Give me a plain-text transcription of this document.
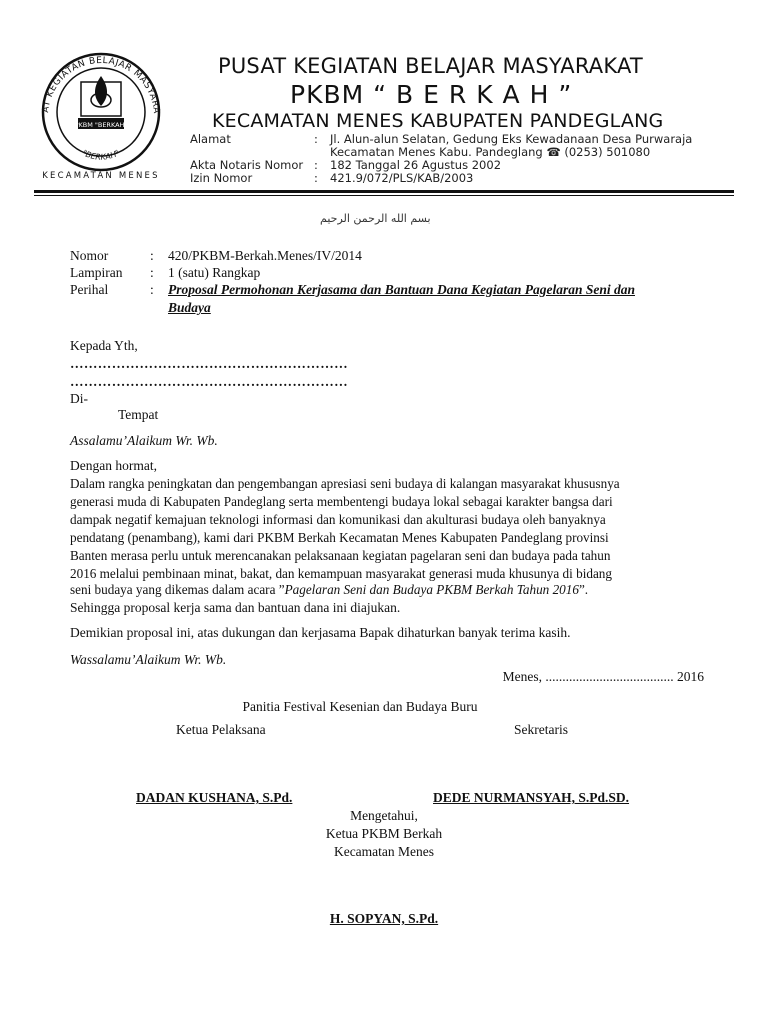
AT KEGIATAN BELAJAR MASYARA
PKBM "BERKAH"
"BERKAH"
KECAMATAN MENES
PUSAT KEGIATAN BELAJAR MASYARAKAT
PKBM “ B E R K A H ”
KECAMATAN MENES KABUPATEN PANDEGLANG
Alamat	: Jl. Alun-alun Selatan, Gedung Eks Kewadanaan Desa Purwaraja
Kecamatan Menes Kabu. Pandeglang ☎ (0253) 501080
Akta Notaris Nomor : 182 Tanggal 26 Agustus 2002
Izin Nomor	: 421.9/072/PLS/KAB/2003
بسم الله الرحمن الرحيم
Nomor	: 420/PKBM-Berkah.Menes/IV/2014
Lampiran : 1 (satu) Rangkap
Perihal	: Proposal Permohonan Kerjasama dan Bantuan Dana Kegiatan Pagelaran Seni dan
Budaya
Kepada Yth,
……………………………………………………
……………………………………………………
Di-
Tempat
Assalamu’Alaikum Wr. Wb.
Dengan hormat,
Dalam rangka peningkatan dan pengembangan apresiasi seni budaya di kalangan masyarakat khususnya
generasi muda di Kabupaten Pandeglang serta membentengi budaya lokal sebagai karakter bangsa dari
dampak negatif kemajuan teknologi informasi dan komunikasi dan akulturasi budaya oleh banyaknya
pendatang (penambang), kami dari PKBM Berkah Kecamatan Menes Kabupaten Pandeglang provinsi
Banten merasa perlu untuk merencanakan pelaksanaan kegiatan pagelaran seni dan budaya pada tahun
2016 melalui pembinaan minat, bakat, dan kemampuan masyarakat generasi muda khusunya di bidang
seni budaya yang dikemas dalam acara ”Pagelaran Seni dan Budaya PKBM Berkah Tahun 2016”.
Sehingga proposal kerja sama dan bantuan dana ini diajukan.
Demikian proposal ini, atas dukungan dan kerjasama Bapak dihaturkan banyak terima kasih.
Wassalamu’Alaikum Wr. Wb.
Menes, ...................................... 2016
Panitia Festival Kesenian dan Budaya Buru
Ketua Pelaksana	Sekretaris
DADAN KUSHANA, S.Pd.	DEDE NURMANSYAH, S.Pd.SD.
Mengetahui,
Ketua PKBM Berkah
Kecamatan Menes
H. SOPYAN, S.Pd.
